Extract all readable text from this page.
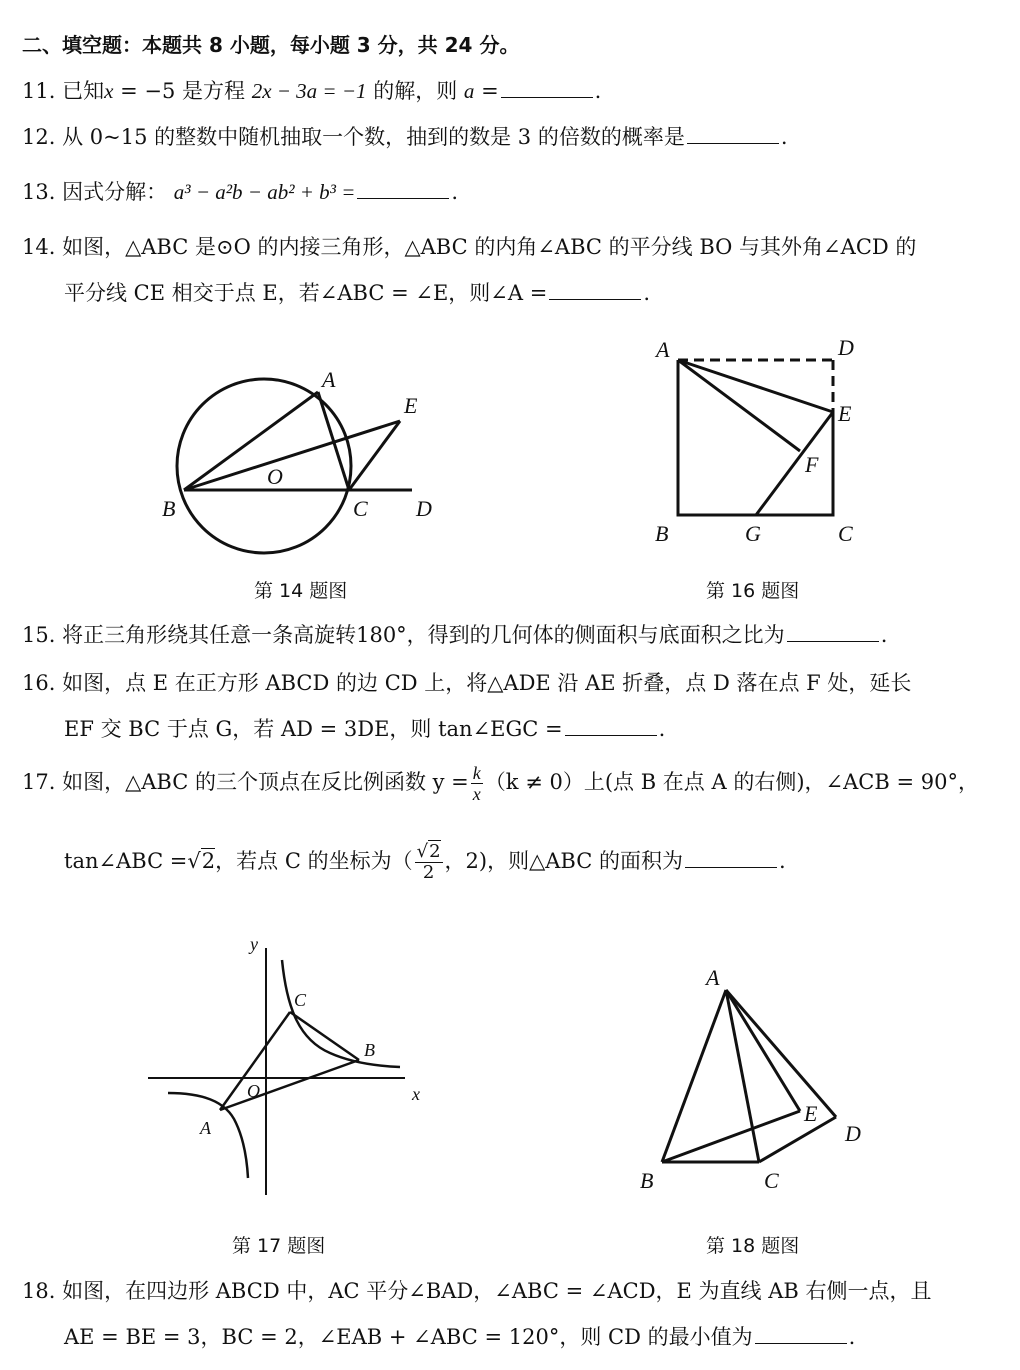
二、填空题：本题共 8 小题，每小题 3 分，共 24 分。
11. 已知x = −5 是方程 2x − 3a = −1 的解，则 a =	.
12. 从 0~15 的整数中随机抽取一个数，抽到的数是 3 的倍数的概率是	.
13. 因式分解： a³ − a²b − ab² + b³ =	.
14. 如图，△ABC 是⊙O 的内接三角形，△ABC 的内角∠ABC 的平分线 BO 与其外角∠ACD 的
平分线 CE 相交于点 E，若∠ABC = ∠E，则∠A =	.
A
E
O
B	C D
A	D
E
F
B	G	C
y
C
B
O	x
A
A
E
D
B	C
第 14 题图	第 16 题图
15. 将正三角形绕其任意一条高旋转180°，得到的几何体的侧面积与底面积之比为	.
16. 如图，点 E 在正方形 ABCD 的边 CD 上，将△ADE 沿 AE 折叠，点 D 落在点 F 处，延长
EF 交 BC 于点 G，若 AD = 3DE，则 tan∠EGC =	.
17. 如图，△ABC 的三个顶点在反比例函数 $y = \frac{k}{x} (k \ne 0)$上(点 B 在点 A 的右侧)，∠ACB = 90°，
tan∠ABC =√2，若点 C 的坐标为（ $\frac{√2}{2}$ ，2)，则△ABC 的面积为	.
第 17 题图	第 18 题图
18. 如图，在四边形 ABCD 中，AC 平分∠BAD，∠ABC = ∠ACD，E 为直线 AB 右侧一点，且
AE = BE = 3，BC = 2，∠EAB + ∠ABC = 120°，则 CD 的最小值为	.
